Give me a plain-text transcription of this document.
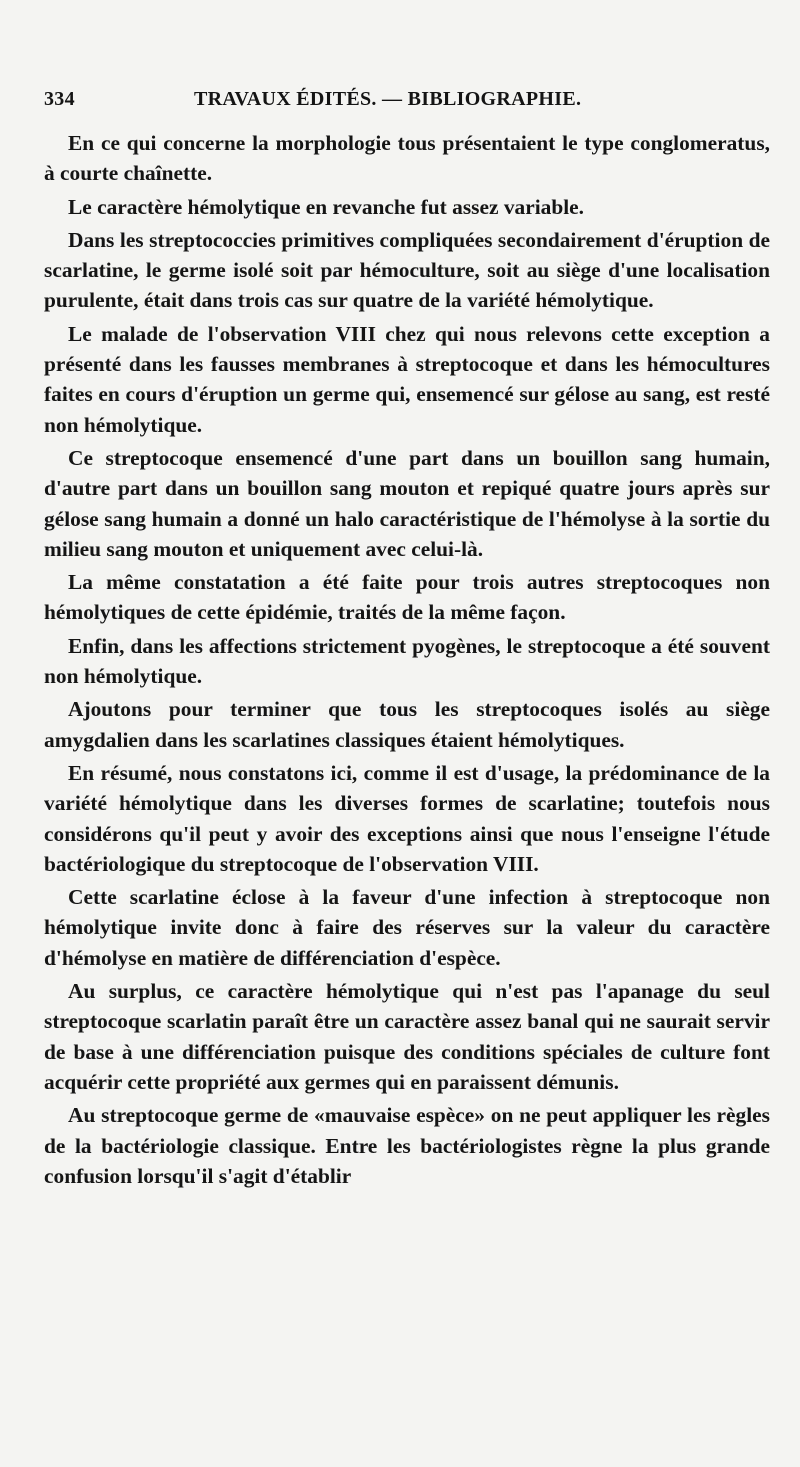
334	TRAVAUX ÉDITÉS. — BIBLIOGRAPHIE.

En ce qui concerne la morphologie tous présentaient le type conglomeratus, à courte chaînette.

Le caractère hémolytique en revanche fut assez variable.

Dans les streptococcies primitives compliquées secondairement d'éruption de scarlatine, le germe isolé soit par hémoculture, soit au siège d'une localisation purulente, était dans trois cas sur quatre de la variété hémolytique.

Le malade de l'observation VIII chez qui nous relevons cette exception a présenté dans les fausses membranes à streptocoque et dans les hémocultures faites en cours d'éruption un germe qui, ensemencé sur gélose au sang, est resté non hémolytique.

Ce streptocoque ensemencé d'une part dans un bouillon sang humain, d'autre part dans un bouillon sang mouton et repiqué quatre jours après sur gélose sang humain a donné un halo caractéristique de l'hémolyse à la sortie du milieu sang mouton et uniquement avec celui-là.

La même constatation a été faite pour trois autres streptocoques non hémolytiques de cette épidémie, traités de la même façon.

Enfin, dans les affections strictement pyogènes, le streptocoque a été souvent non hémolytique.

Ajoutons pour terminer que tous les streptocoques isolés au siège amygdalien dans les scarlatines classiques étaient hémolytiques.

En résumé, nous constatons ici, comme il est d'usage, la prédominance de la variété hémolytique dans les diverses formes de scarlatine; toutefois nous considérons qu'il peut y avoir des exceptions ainsi que nous l'enseigne l'étude bactériologique du streptocoque de l'observation VIII.

Cette scarlatine éclose à la faveur d'une infection à streptocoque non hémolytique invite donc à faire des réserves sur la valeur du caractère d'hémolyse en matière de différenciation d'espèce.

Au surplus, ce caractère hémolytique qui n'est pas l'apanage du seul streptocoque scarlatin paraît être un caractère assez banal qui ne saurait servir de base à une différenciation puisque des conditions spéciales de culture font acquérir cette propriété aux germes qui en paraissent démunis.

Au streptocoque germe de «mauvaise espèce» on ne peut appliquer les règles de la bactériologie classique. Entre les bactériologistes règne la plus grande confusion lorsqu'il s'agit d'établir
